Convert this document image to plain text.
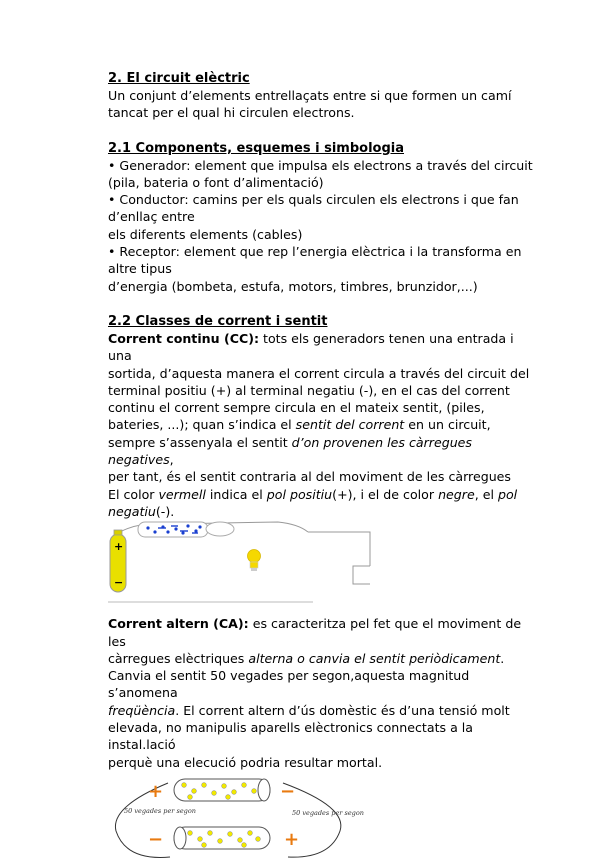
2. El circuit elèctric
Un conjunt d’elements entrellaçats entre si que formen un camí
tancat per el qual hi circulen electrons.
2.1 Components, esquemes i simbologia
• Generador: element que impulsa els electrons a través del circuit
(pila, bateria o font d’alimentació)
• Conductor: camins per els quals circulen els electrons i que fan
d’enllaç entre
els diferents elements (cables)
• Receptor: element que rep l’energia elèctrica i la transforma en
altre tipus
d’energia (bombeta, estufa, motors, timbres, brunzidor,...)
2.2 Classes de corrent i sentit
Corrent continu (CC): tots els generadors tenen una entrada i una
sortida, d’aquesta manera el corrent circula a través del circuit del
terminal positiu (+) al terminal negatiu (-), en el cas del corrent
continu el corrent sempre circula en el mateix sentit, (piles,
bateries, ...); quan s’indica el sentit del corrent en un circuit,
sempre s’assenyala el sentit d’on provenen les càrregues negatives,
per tant, és el sentit contraria al del moviment de les càrregues
El color vermell indica el pol positiu(+), i el de color negre, el pol
negatiu(-).
+
−
Corrent altern (CA): es caracteritza pel fet que el moviment de les
càrregues elèctriques alterna o canvia el sentit periòdicament.
Canvia el sentit 50 vegades per segon,aquesta magnitud s’anomena
freqüència. El corrent altern d’ús domèstic és d’una tensió molt
elevada, no manipulis aparells elèctronics connectats a la instal.lació
perquè una elecució podria resultar mortal.
+	−
−	+
50 vegades per segon	50 vegades per segon
